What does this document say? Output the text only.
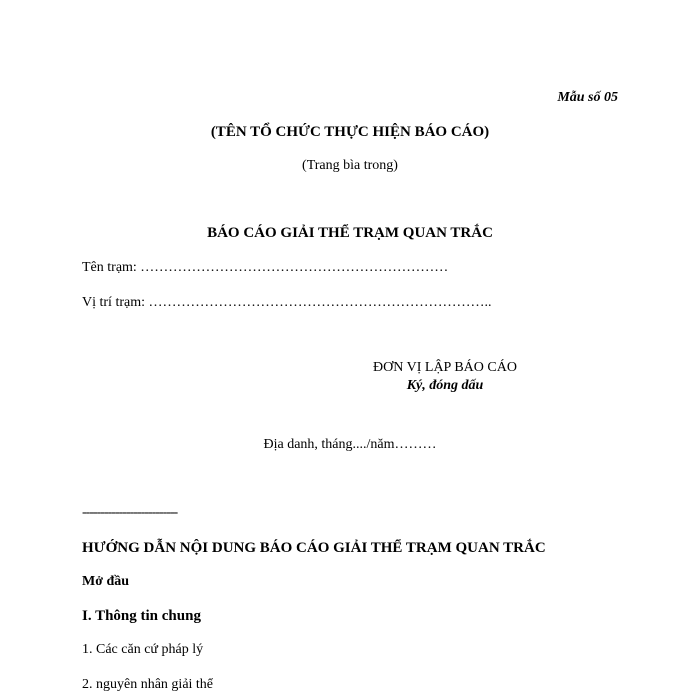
Mẫu số 05
(TÊN TỔ CHỨC THỰC HIỆN BÁO CÁO)
(Trang bìa trong)
BÁO CÁO GIẢI THỂ TRẠM QUAN TRẮC
Tên trạm: …………………………………………………………
Vị trí trạm: ………………………………………………………………..
ĐƠN VỊ LẬP BÁO CÁO
Ký, đóng dấu
Địa danh, tháng..../năm………
--------------------------
HƯỚNG DẪN NỘI DUNG BÁO CÁO GIẢI THỂ TRẠM QUAN TRẮC
Mở đầu
I. Thông tin chung
1. Các căn cứ pháp lý
2. nguyên nhân giải thể
